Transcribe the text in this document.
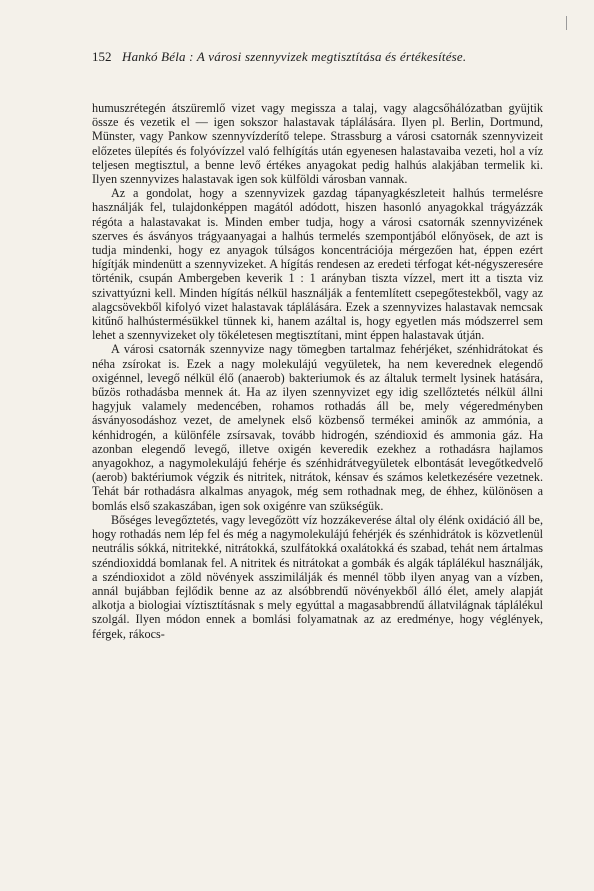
152 Hankó Béla : A városi szennyvizek megtisztítása és értékesítése.

humuszrétegén átszüremlő vizet vagy megissza a talaj, vagy alagcsőhálózatban gyüjtik össze és vezetik el — igen sokszor halastavak táplálására. Ilyen pl. Berlin, Dortmund, Münster, vagy Pankow szennyvízderítő telepe. Strassburg a városi csatornák szennyvizeit előzetes ülepítés és folyóvízzel való felhígítás után egyenesen halastavaiba vezeti, hol a víz teljesen megtisztul, a benne levő értékes anyagokat pedig halhús alakjában termelik ki. Ilyen szennyvizes halastavak igen sok külföldi városban vannak.

Az a gondolat, hogy a szennyvizek gazdag tápanyagkészleteit halhús termelésre használják fel, tulajdonképpen magától adódott, hiszen hasonló anyagokkal trágyázzák régóta a halastavakat is. Minden ember tudja, hogy a városi csatornák szennyvizének szerves és ásványos trágyaanyagai a halhús termelés szempontjából előnyösek, de azt is tudja mindenki, hogy ez anyagok túlságos koncentrációja mérgezően hat, éppen ezért hígítják mindenütt a szennyvizeket. A hígítás rendesen az eredeti térfogat két-négyszeresére történik, csupán Ambergeben keverik 1 : 1 arányban tiszta vízzel, mert itt a tiszta viz szivattyúzni kell. Minden hígítás nélkül használják a fentemlített csepegőtestekből, vagy az alagcsövekből kifolyó vizet halastavak táplálására. Ezek a szennyvizes halastavak nemcsak kitűnő halhústermésükkel tünnek ki, hanem azáltal is, hogy egyetlen más módszerrel sem lehet a szennyvizeket oly tökéletesen megtisztítani, mint éppen halastavak útján.

A városi csatornák szennyvize nagy tömegben tartalmaz fehérjéket, szénhidrátokat és néha zsírokat is. Ezek a nagy molekulájú vegyületek, ha nem keverednek elegendő oxigénnel, levegő nélkül élő (anaerob) bakteriumok és az általuk termelt lysinek hatására, bűzös rothadásba mennek át. Ha az ilyen szennyvizet egy idig szellőztetés nélkül állni hagyjuk valamely medencében, rohamos rothadás áll be, mely végeredményben ásványosodáshoz vezet, de amelynek első közbenső termékei aminők az ammónia, a kénhidrogén, a különféle zsírsavak, tovább hidrogén, széndioxid és ammonia gáz. Ha azonban elegendő levegő, illetve oxigén keveredik ezekhez a rothadásra hajlamos anyagokhoz, a nagymolekulájú fehérje és szénhidrátvegyületek elbontását levegőtkedvelő (aerob) baktériumok végzik és nitritek, nitrátok, kénsav és számos keletkezésére vezetnek. Tehát bár rothadásra alkalmas anyagok, még sem rothadnak meg, de éhhez, különösen a bomlás első szakaszában, igen sok oxigénre van szükségük.

Bőséges levegőztetés, vagy levegőzött víz hozzákeverése által oly élénk oxidáció áll be, hogy rothadás nem lép fel és még a nagymolekulájú fehérjék és szénhidrátok is közvetlenül neutrális sókká, nitritekké, nitrátokká, szulfátokká oxalátokká és szabad, tehát nem ártalmas széndioxiddá bomlanak fel. A nitritek és nitrátokat a gombák és algák táplálékul használják, a széndioxidot a zöld növények asszimilálják és mennél több ilyen anyag van a vízben, annál bujábban fejlődik benne az az alsóbbrendű növényekből álló élet, amely alapját alkotja a biologiai víztisztításnak s mely egyúttal a magasabbrendű állatvilágnak táplálékul szolgál. Ilyen módon ennek a bomlási folyamatnak az az eredménye, hogy véglények, férgek, rákocs-
